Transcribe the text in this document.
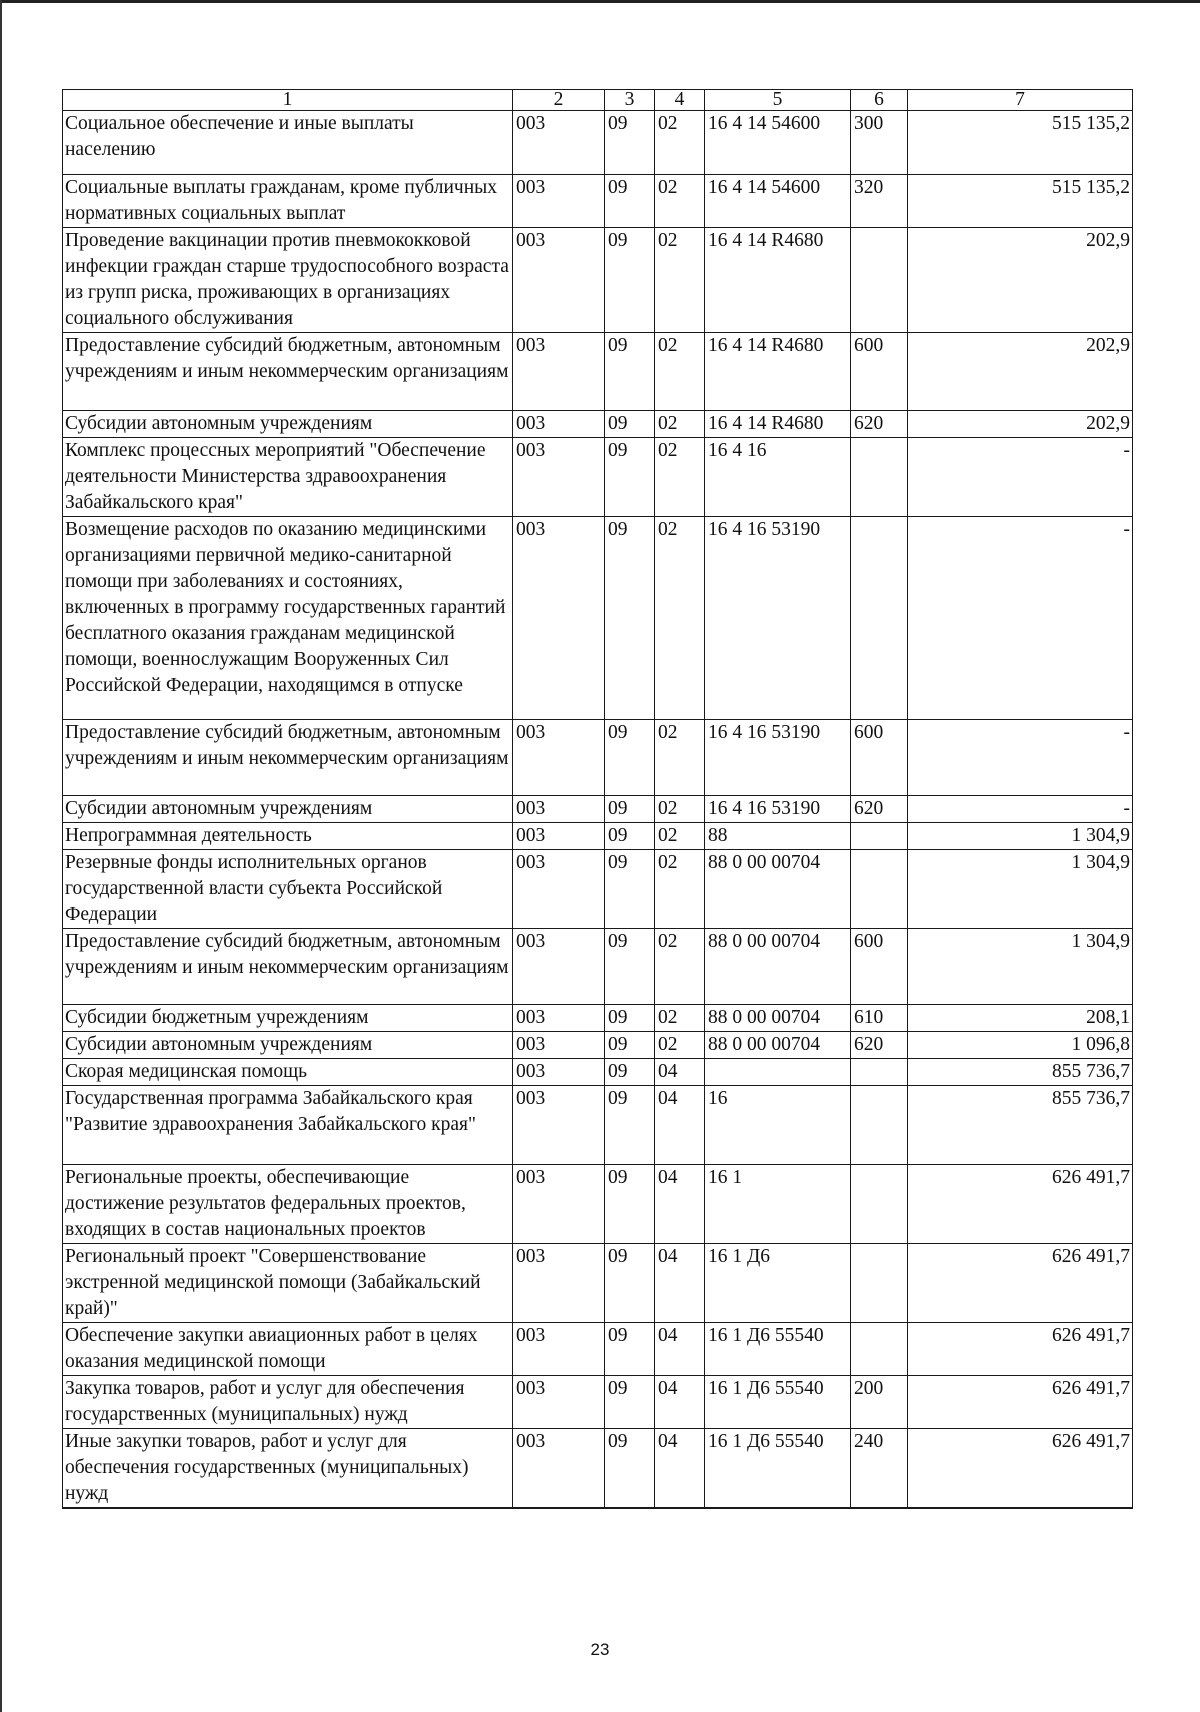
1	2	3	4	5	6	7
Социальное обеспечение и иные выплаты населению	003	09	02	16 4 14 54600	300	515 135,2
Социальные выплаты гражданам, кроме публичных нормативных социальных выплат	003	09	02	16 4 14 54600	320	515 135,2
Проведение вакцинации против пневмококковой инфекции граждан старше трудоспособного возраста из групп риска, проживающих в организациях социального обслуживания	003	09	02	16 4 14 R4680		202,9
Предоставление субсидий бюджетным, автономным учреждениям и иным некоммерческим организациям	003	09	02	16 4 14 R4680	600	202,9
Субсидии автономным учреждениям	003	09	02	16 4 14 R4680	620	202,9
Комплекс процессных мероприятий "Обеспечение деятельности Министерства здравоохранения Забайкальского края"	003	09	02	16 4 16		-
Возмещение расходов по оказанию медицинскими организациями первичной медико-санитарной помощи при заболеваниях и состояниях, включенных в программу государственных гарантий бесплатного оказания гражданам медицинской помощи, военнослужащим Вооруженных Сил Российской Федерации, находящимся в отпуске	003	09	02	16 4 16 53190		-
Предоставление субсидий бюджетным, автономным учреждениям и иным некоммерческим организациям	003	09	02	16 4 16 53190	600	-
Субсидии автономным учреждениям	003	09	02	16 4 16 53190	620	-
Непрограммная деятельность	003	09	02	88		1 304,9
Резервные фонды исполнительных органов государственной власти субъекта Российской Федерации	003	09	02	88 0 00 00704		1 304,9
Предоставление субсидий бюджетным, автономным учреждениям и иным некоммерческим организациям	003	09	02	88 0 00 00704	600	1 304,9
Субсидии бюджетным учреждениям	003	09	02	88 0 00 00704	610	208,1
Субсидии автономным учреждениям	003	09	02	88 0 00 00704	620	1 096,8
Скорая медицинская помощь	003	09	04			855 736,7
Государственная программа Забайкальского края "Развитие здравоохранения Забайкальского края"	003	09	04	16		855 736,7
Региональные проекты, обеспечивающие достижение результатов федеральных проектов, входящих в состав национальных проектов	003	09	04	16 1		626 491,7
Региональный проект "Совершенствование экстренной медицинской помощи (Забайкальский край)"	003	09	04	16 1 Д6		626 491,7
Обеспечение закупки авиационных работ в целях оказания медицинской помощи	003	09	04	16 1 Д6 55540		626 491,7
Закупка товаров, работ и услуг для обеспечения государственных (муниципальных) нужд	003	09	04	16 1 Д6 55540	200	626 491,7
Иные закупки товаров, работ и услуг для обеспечения государственных (муниципальных) нужд	003	09	04	16 1 Д6 55540	240	626 491,7
23
